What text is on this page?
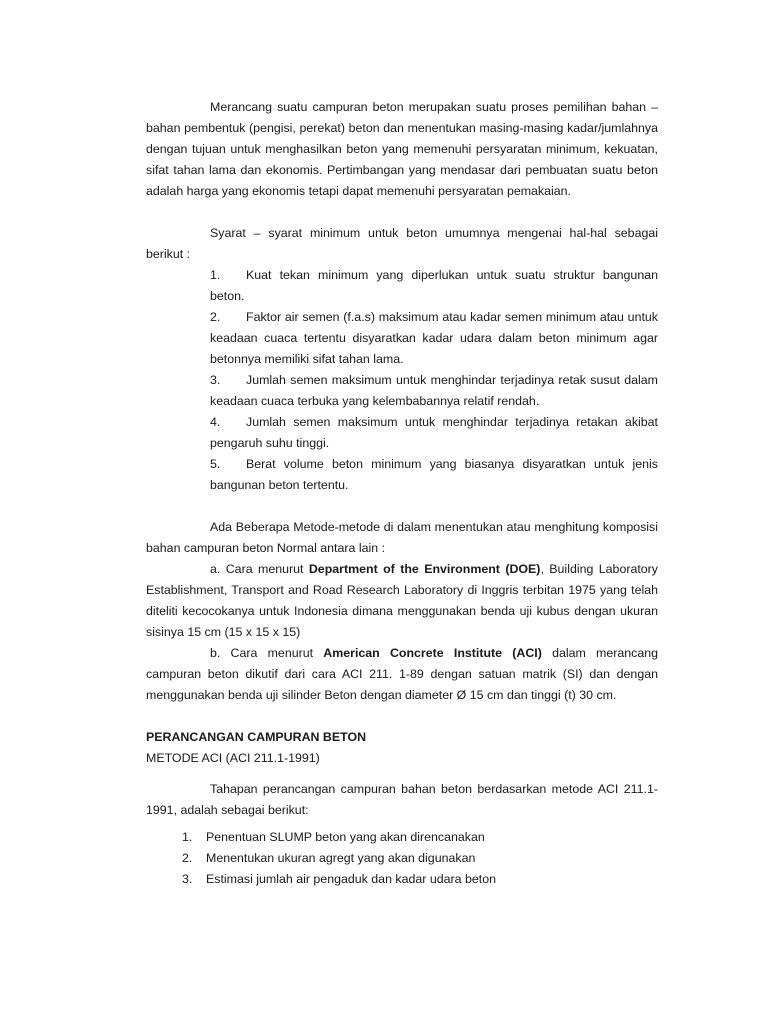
Merancang suatu campuran beton merupakan suatu proses pemilihan bahan – bahan pembentuk (pengisi, perekat) beton dan menentukan masing-masing kadar/jumlahnya dengan tujuan untuk menghasilkan beton yang memenuhi persyaratan minimum, kekuatan, sifat tahan lama dan ekonomis. Pertimbangan yang mendasar dari pembuatan suatu beton adalah harga yang ekonomis tetapi dapat memenuhi persyaratan pemakaian.

Syarat – syarat minimum untuk beton umumnya mengenai hal-hal sebagai berikut :

1.	Kuat tekan minimum yang diperlukan untuk suatu struktur bangunan beton.

2.	Faktor air semen (f.a.s) maksimum atau kadar semen minimum atau untuk keadaan cuaca tertentu disyaratkan kadar udara dalam beton minimum agar betonnya memiliki sifat tahan lama.

3.	Jumlah semen maksimum untuk menghindar terjadinya retak susut dalam keadaan cuaca terbuka yang kelembabannya relatif rendah.

4.	Jumlah semen maksimum untuk menghindar terjadinya retakan akibat pengaruh suhu tinggi.

5.	Berat volume beton minimum yang biasanya disyaratkan untuk jenis bangunan beton tertentu.

Ada Beberapa Metode-metode di dalam menentukan atau menghitung komposisi bahan campuran beton Normal antara lain :

a. Cara menurut Department of the Environment (DOE), Building Laboratory Establishment, Transport and Road Research Laboratory di Inggris terbitan 1975 yang telah diteliti kecocokanya untuk Indonesia dimana menggunakan benda uji kubus dengan ukuran sisinya 15 cm (15 x 15 x 15)

b. Cara menurut American Concrete Institute (ACI) dalam merancang campuran beton dikutif dari cara ACI 211. 1-89 dengan satuan matrik (SI) dan dengan menggunakan benda uji silinder Beton dengan diameter Ø 15 cm dan tinggi (t) 30 cm.

PERANCANGAN CAMPURAN BETON

METODE ACI (ACI 211.1-1991)

Tahapan perancangan campuran bahan beton berdasarkan metode ACI 211.1-1991, adalah sebagai berikut:

1. Penentuan SLUMP beton yang akan direncanakan
2. Menentukan ukuran agregt yang akan digunakan
3. Estimasi jumlah air pengaduk dan kadar udara beton
